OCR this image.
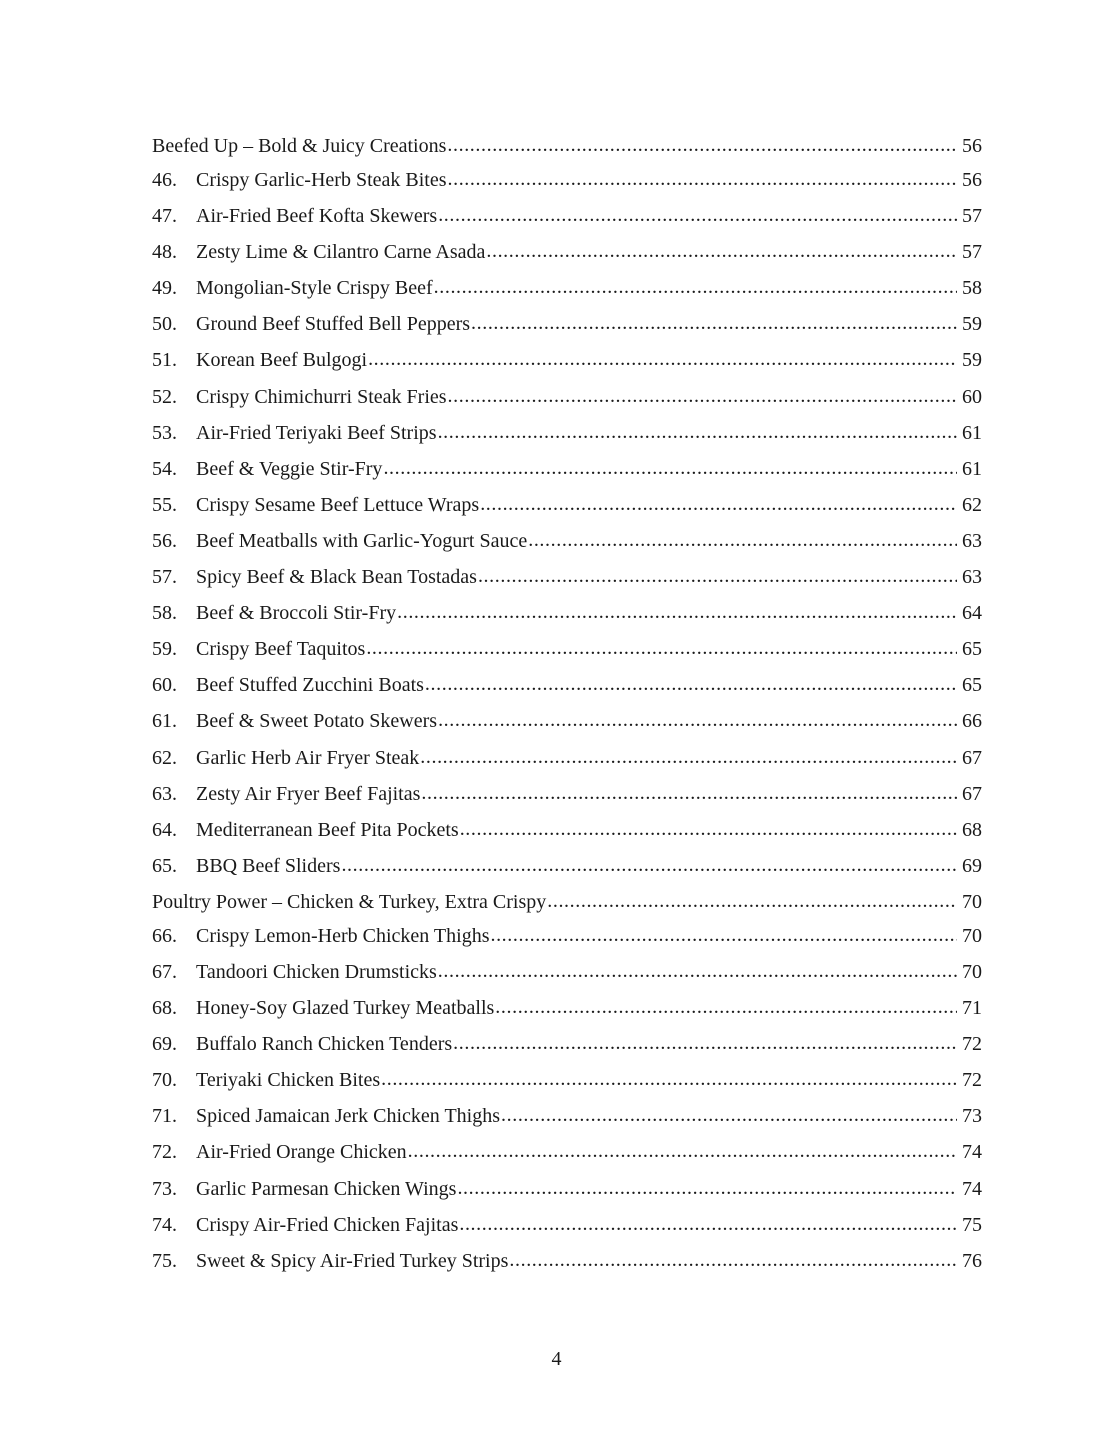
Beefed Up – Bold & Juicy Creations .....	56
46. Crispy Garlic-Herb Steak Bites .....	56
47. Air-Fried Beef Kofta Skewers .....	57
48. Zesty Lime & Cilantro Carne Asada .....	57
49. Mongolian-Style Crispy Beef .....	58
50. Ground Beef Stuffed Bell Peppers .....	59
51. Korean Beef Bulgogi .....	59
52. Crispy Chimichurri Steak Fries .....	60
53. Air-Fried Teriyaki Beef Strips .....	61
54. Beef & Veggie Stir-Fry .....	61
55. Crispy Sesame Beef Lettuce Wraps .....	62
56. Beef Meatballs with Garlic-Yogurt Sauce .....	63
57. Spicy Beef & Black Bean Tostadas .....	63
58. Beef & Broccoli Stir-Fry .....	64
59. Crispy Beef Taquitos .....	65
60. Beef Stuffed Zucchini Boats .....	65
61. Beef & Sweet Potato Skewers .....	66
62. Garlic Herb Air Fryer Steak .....	67
63. Zesty Air Fryer Beef Fajitas .....	67
64. Mediterranean Beef Pita Pockets .....	68
65. BBQ Beef Sliders .....	69
Poultry Power – Chicken & Turkey, Extra Crispy .....	70
66. Crispy Lemon-Herb Chicken Thighs .....	70
67. Tandoori Chicken Drumsticks .....	70
68. Honey-Soy Glazed Turkey Meatballs .....	71
69. Buffalo Ranch Chicken Tenders .....	72
70. Teriyaki Chicken Bites .....	72
71. Spiced Jamaican Jerk Chicken Thighs .....	73
72. Air-Fried Orange Chicken .....	74
73. Garlic Parmesan Chicken Wings .....	74
74. Crispy Air-Fried Chicken Fajitas .....	75
75. Sweet & Spicy Air-Fried Turkey Strips .....	76
4
